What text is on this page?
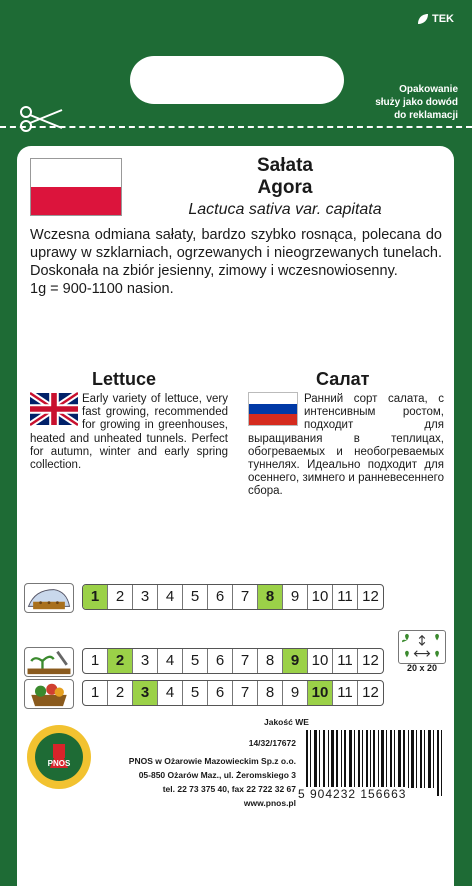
TEK
Opakowanie
służy jako dowód
do reklamacji
Sałata
Agora
Lactuca sativa var. capitata
Wczesna odmiana sałaty, bardzo szybko rosnąca, polecana do uprawy w szklarniach, ogrzewanych i nieogrzewanych tunelach. Doskonała na zbiór jesienny, zimowy i wczesnowiosenny.
1g = 900-1100 nasion.
Lettuce	Салат
Early variety of lettuce, very fast growing, recommended for growing in greenhouses, heated and unheated tunnels. Perfect for autumn, winter and early spring collection.
Ранний сорт салата, с интенсивным ростом, подходит для выращивания в теплицах, обогреваемых и необогреваемых туннелях. Идеально подходит для осеннего, зимнего и ранневесеннего сбора.
1	2	3	4	5	6	7	8	9 10 11 12
1	2	3	4	5	6	7	8	9 10 11 12	20 x 20
1	2	3	4	5	6	7	8	9 10 11 12
Jakość WE
14/32/17672
PNOS w Ożarowie Mazowieckim Sp.z o.o.
05-850 Ożarów Maz., ul. Żeromskiego 3
tel. 22 73 375 40, fax 22 722 32 67
www.pnos.pl
PNOS
5 904232 156663
